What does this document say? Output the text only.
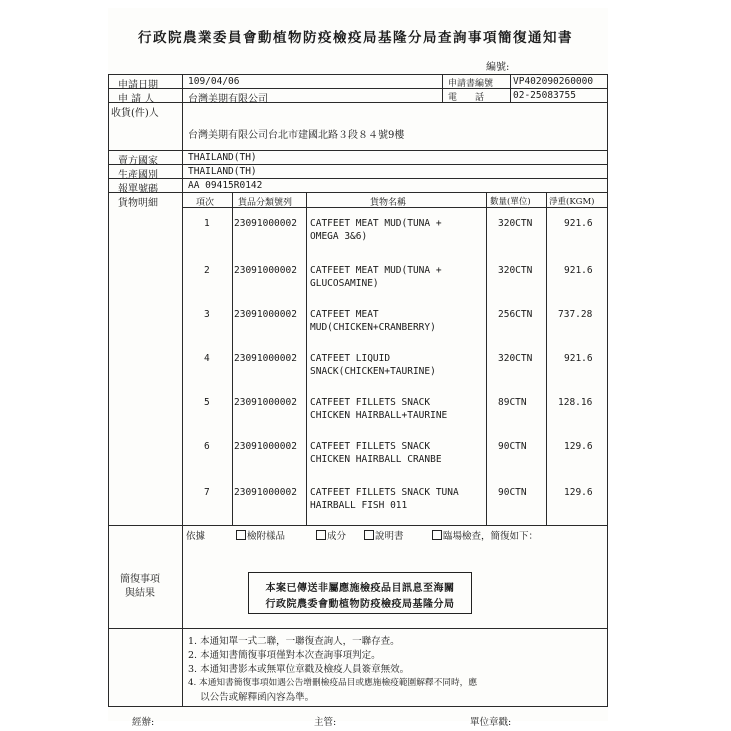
行政院農業委員會動植物防疫檢疫局基隆分局查詢事項簡復通知書
編號:
申請日期	109/04/06	申請書編號 VP402090260000
申 請 人	台灣美期有限公司	電　　話	02-25083755
收貨(件)人
台灣美期有限公司台北市建國北路３段８４號9樓
賣方國家	THAILAND(TH)
生產國別	THAILAND(TH)
報單號碼	AA 09415R0142
貨物明細	項次	貨品分類號列	貨物名稱	數量(單位) 淨重(KGM)
1	23091000002 CATFEET MEAT MUD(TUNA +
OMEGA 3&6)
320CTN	921.6
2	23091000002 CATFEET MEAT MUD(TUNA +
GLUCOSAMINE)
320CTN	921.6
3	23091000002 CATFEET MEAT
MUD(CHICKEN+CRANBERRY)
256CTN	737.28
4	23091000002 CATFEET LIQUID
SNACK(CHICKEN+TAURINE)
320CTN	921.6
5	23091000002 CATFEET FILLETS SNACK
CHICKEN HAIRBALL+TAURINE
89CTN	128.16
6	23091000002 CATFEET FILLETS SNACK
CHICKEN HAIRBALL CRANBE
90CTN	129.6
7	23091000002 CATFEET FILLETS SNACK TUNA
HAIRBALL FISH 011
90CTN	129.6
依據	檢附樣品	成分	說明書	臨場檢查，簡復如下：
簡復事項
與結果	本案已傳送非屬應施檢疫品目訊息至海關
行政院農委會動植物防疫檢疫局基隆分局
1. 本通知單一式二聯，一聯復查詢人，一聯存查。
2. 本通知書簡復事項僅對本次查詢事項判定。
3. 本通知書影本或無單位章戳及檢疫人員簽章無效。
4. 本通知書簡復事項如遇公告增刪檢疫品目或應施檢疫範圍解釋不同時，應
以公告或解釋函內容為準。
經辦:	主管:	單位章戳:
